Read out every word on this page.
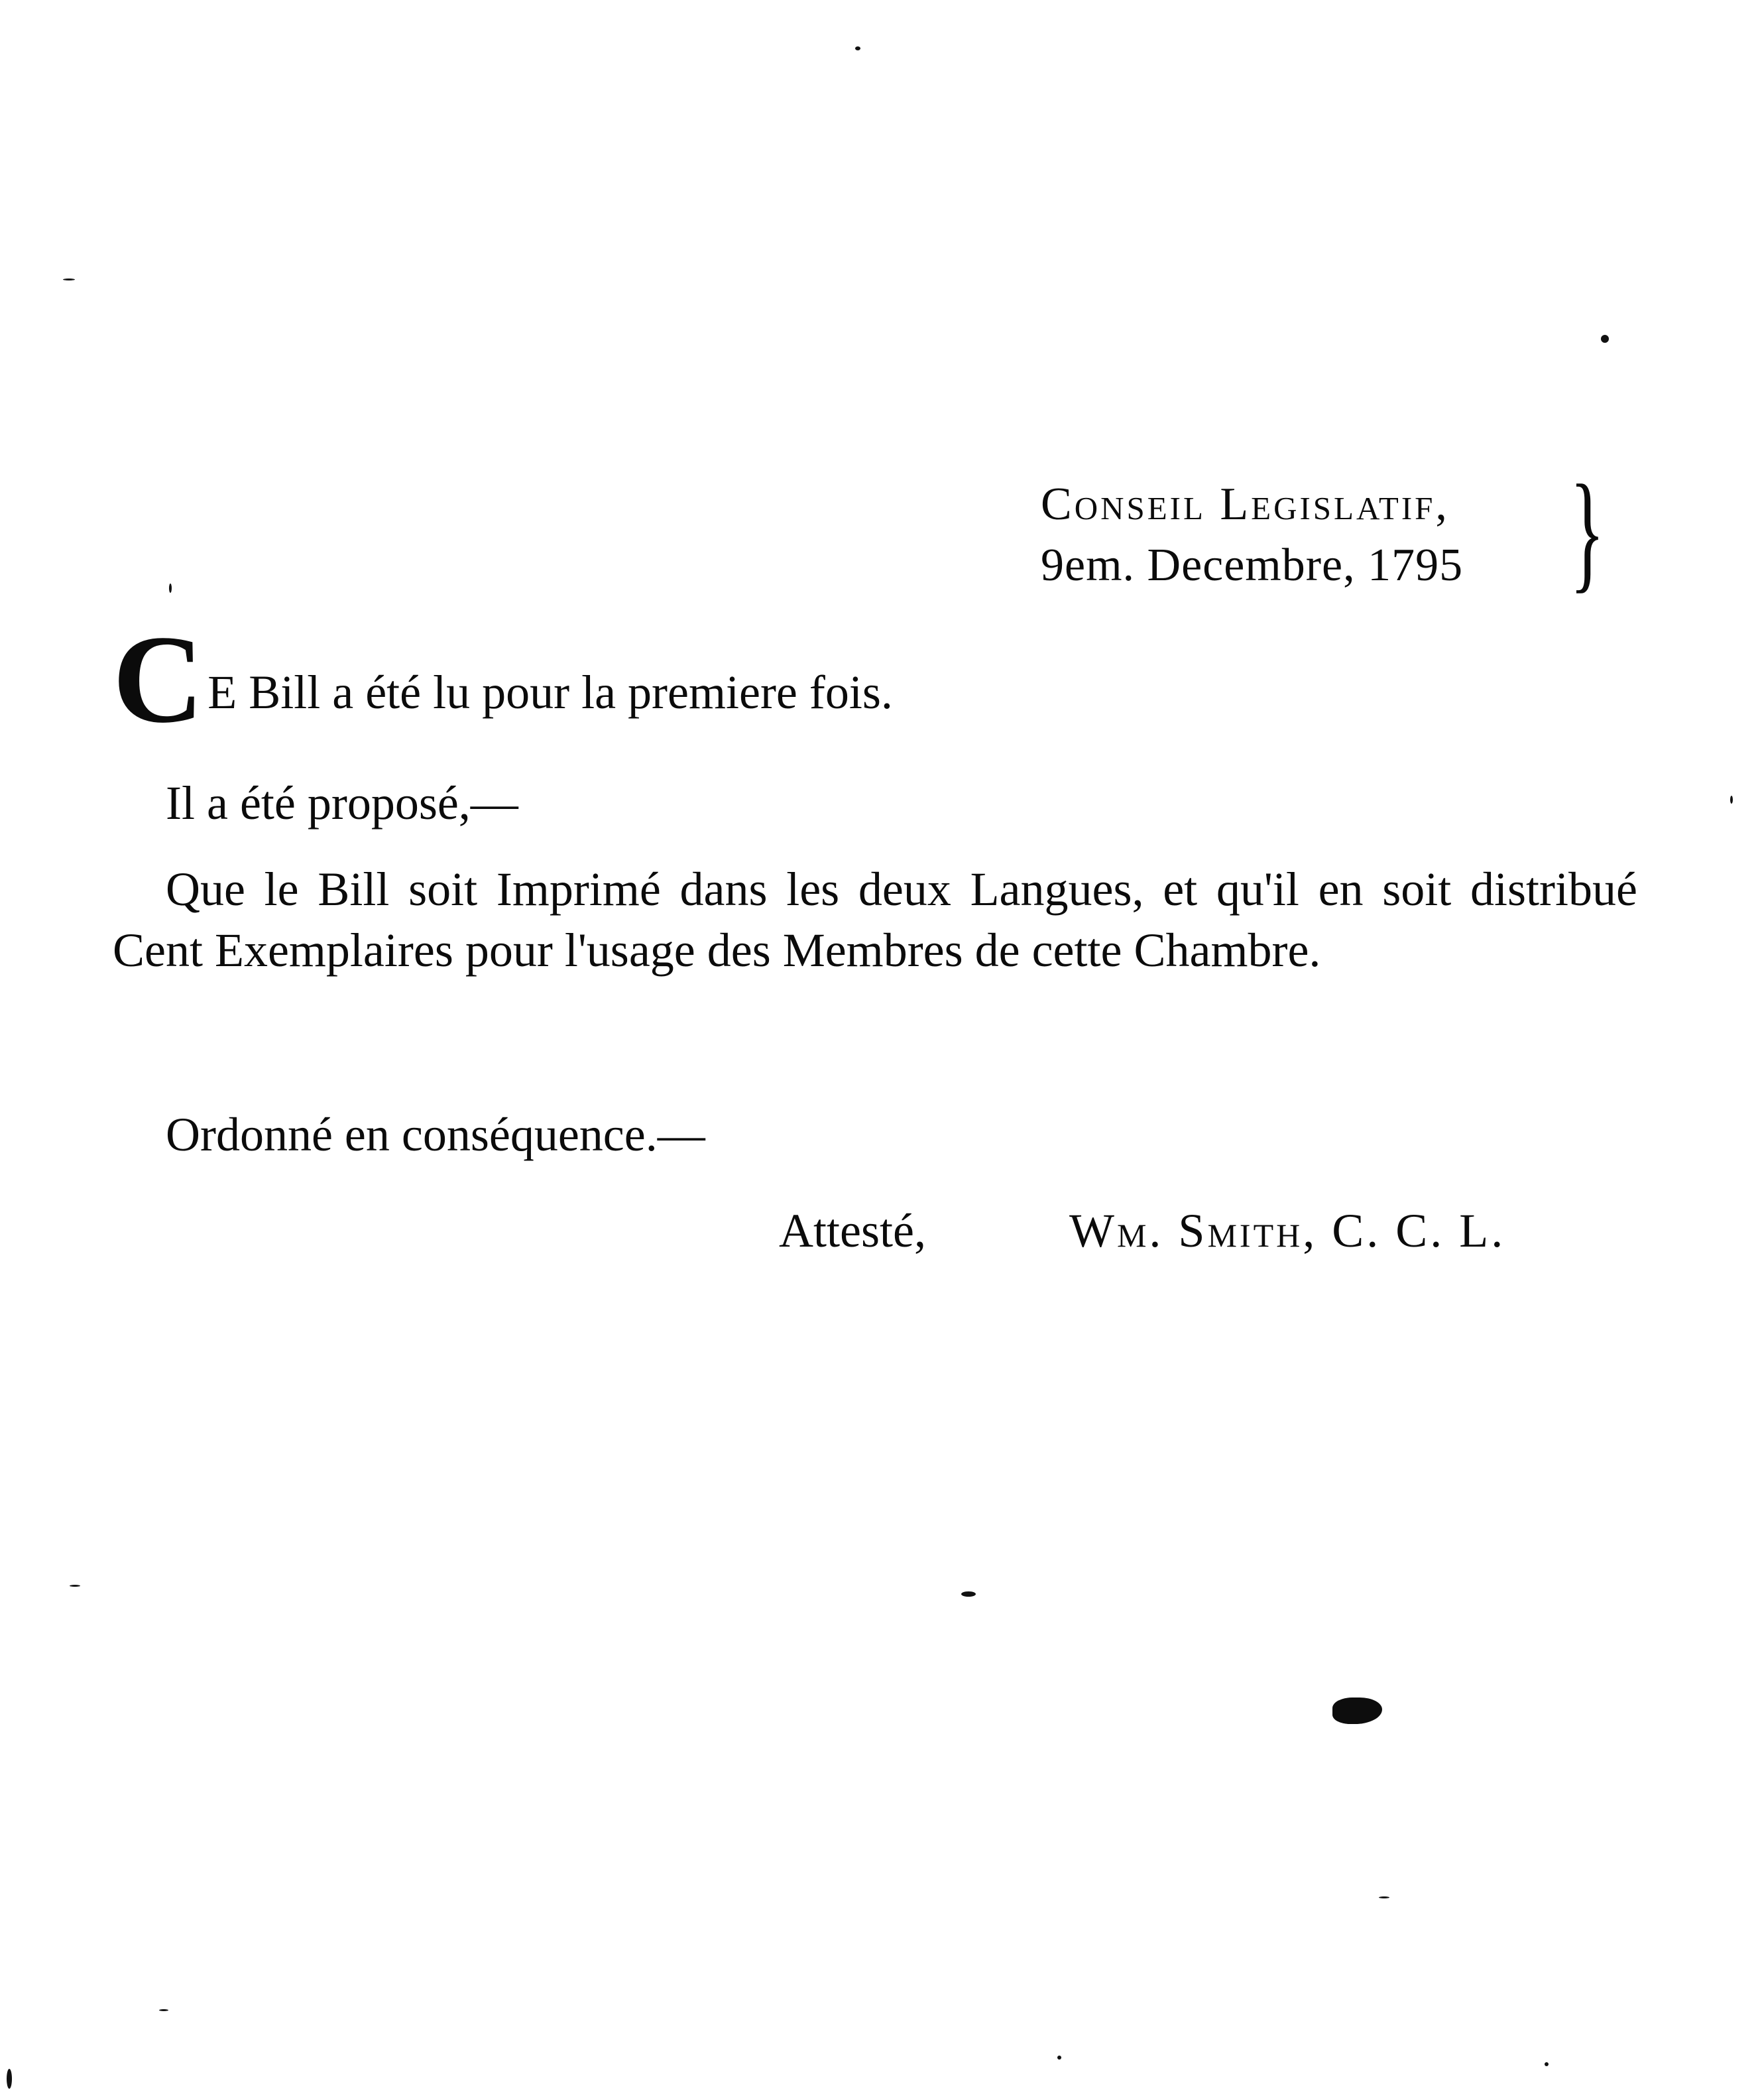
Conseil Legislatif,
9em. Decembre, 1795 }
CE Bill a été lu pour la premiere fois.
Il a été proposé,—
Que le Bill soit Imprimé dans les deux Langues, et qu'il en soit distribué Cent Exemplaires pour l'usage des Membres de cette Chambre.
Ordonné en conséquence.—
Attesté,	Wm. Smith, C. C. L.
